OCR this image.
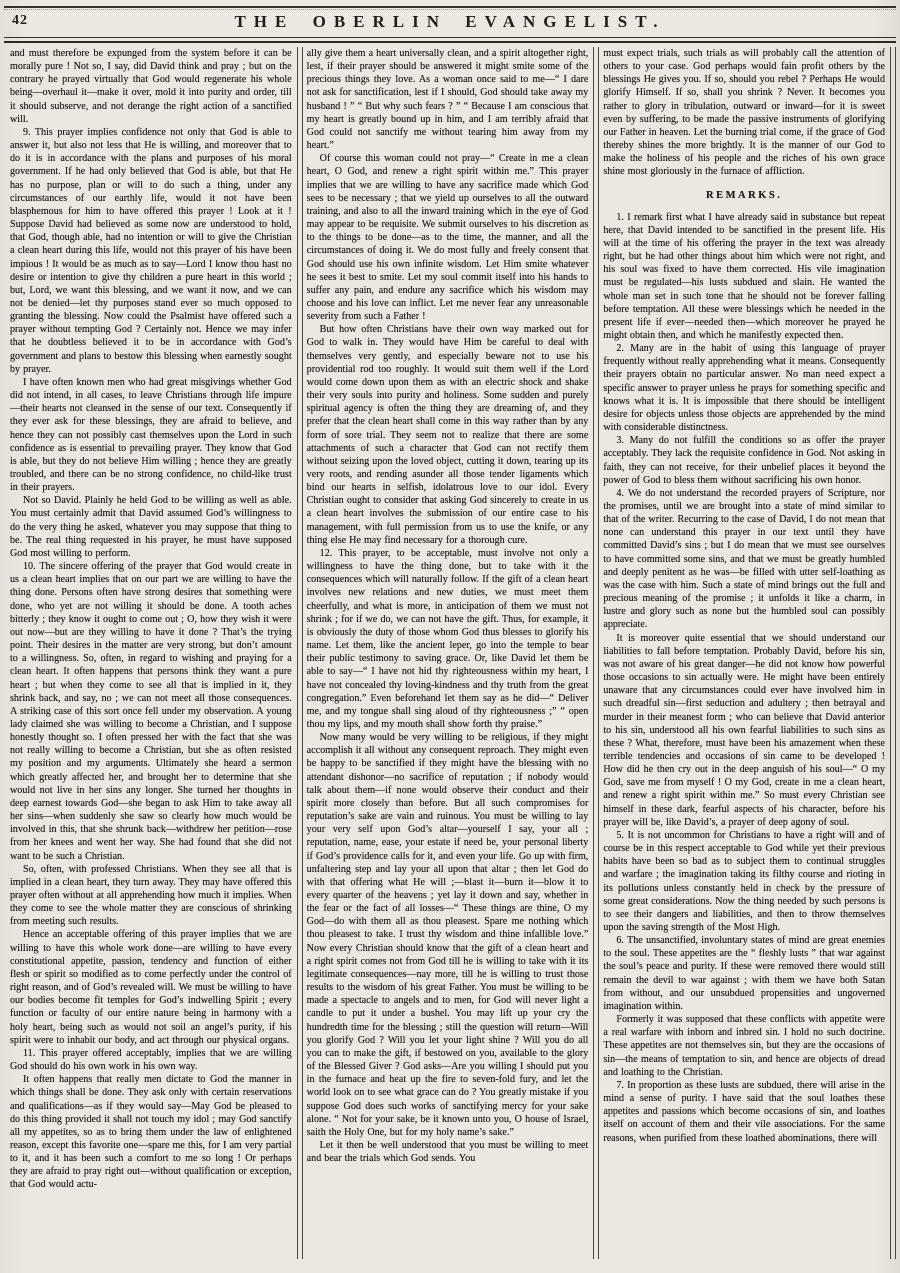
42	THE OBERLIN EVANGELIST.

and must therefore be expunged from the system before it can be morally pure ! Not so, I say, did David think and pray ; but on the contrary he prayed virtually that God would regenerate his whole being—overhaul it—make it over, mold it into purity and order, till it should subserve, and not derange the right action of a sanctified will.

9. This prayer implies confidence not only that God is able to answer it, but also not less that He is willing, and moreover that to do it is in accordance with the plans and purposes of his moral government. If he had only believed that God is able, but that He has no purpose, plan or will to do such a thing, under any circumstances of our earthly life, would it not have been blasphemous for him to have offered this prayer ! Look at it ! Suppose David had believed as some now are understood to hold, that God, though able, had no intention or will to give the Christian a clean heart during this life, would not this prayer of his have been impious ! It would be as much as to say—Lord I know thou hast no desire or intention to give thy children a pure heart in this world ; but, Lord, we want this blessing, and we want it now, and we can not be denied—let thy purposes stand ever so much opposed to granting the blessing. Now could the Psalmist have offered such a prayer without tempting God ? Certainly not. Hence we may infer that he doubtless believed it to be in accordance with God’s government and plans to bestow this blessing when earnestly sought by prayer.

I have often known men who had great misgivings whether God did not intend, in all cases, to leave Christians through life impure—their hearts not cleansed in the sense of our text. Consequently if they ever ask for these blessings, they are afraid to believe, and hence they can not possibly cast themselves upon the Lord in such confidence as is essential to prevailing prayer. They know that God is able, but they do not believe Him willing ; hence they are greatly troubled, and there can be no strong confidence, no child-like trust in their prayers.

Not so David. Plainly he held God to be willing as well as able. You must certainly admit that David assumed God’s willingness to do the very thing he asked, whatever you may suppose that thing to be. The real thing requested in his prayer, he must have supposed God most willing to perform.

10. The sincere offering of the prayer that God would create in us a clean heart implies that on our part we are willing to have the thing done. Persons often have strong desires that something were done, who yet are not willing it should be done. A tooth aches bitterly ; they know it ought to come out ; O, how they wish it were out now—but are they willing to have it done ? That’s the trying point. Their desires in the matter are very strong, but don’t amount to a willingness. So, often, in regard to wishing and praying for a clean heart. It often happens that persons think they want a pure heart ; but when they come to see all that is implied in it, they shrink back, and say, no ; we can not meet all those consequences. A striking case of this sort once fell under my observation. A young lady claimed she was willing to become a Christian, and I suppose honestly thought so. I often pressed her with the fact that she was not really willing to become a Christian, but she as often resisted my position and my arguments. Ultimately she heard a sermon which greatly affected her, and brought her to determine that she would not live in her sins any longer. She turned her thoughts in deep earnest towards God—she began to ask Him to take away all her sins—when suddenly she saw so clearly how much would be involved in this, that she shrunk back—withdrew her petition—rose from her knees and went her way. She had found that she did not want to be such a Christian.

So, often, with professed Christians. When they see all that is implied in a clean heart, they turn away. They may have offered this prayer often without at all apprehending how much it implies. When they come to see the whole matter they are conscious of shrinking from meeting such results.

Hence an acceptable offering of this prayer implies that we are willing to have this whole work done—are willing to have every constitutional appetite, passion, tendency and function of either flesh or spirit so modified as to come perfectly under the control of right reason, and of God’s revealed will. We must be willing to have our bodies become fit temples for God’s indwelling Spirit ; every function or faculty of our entire nature being in harmony with a holy heart, being such as would not soil an angel’s purity, if his spirit were to inhabit our body, and act through our physical organs.

11. This prayer offered acceptably, implies that we are willing God should do his own work in his own way.

It often happens that really men dictate to God the manner in which things shall be done. They ask only with certain reservations and qualifications—as if they would say—May God be pleased to do this thing provided it shall not touch my idol ; may God sanctify all my appetites, so as to bring them under the law of enlightened reason, except this favorite one—spare me this, for I am very partial to it, and it has been such a comfort to me so long ! Or perhaps they are afraid to pray right out—without qualification or exception, that God would actu-

ally give them a heart universally clean, and a spirit altogether right, lest, if their prayer should be answered it might smite some of the precious things they love. As a woman once said to me—“ I dare not ask for sanctification, lest if I should, God should take away my husband ! ” “ But why such fears ? ” “ Because I am conscious that my heart is greatly bound up in him, and I am terribly afraid that God could not sanctify me without tearing him away from my heart.”

Of course this woman could not pray—“ Create in me a clean heart, O God, and renew a right spirit within me.” This prayer implies that we are willing to have any sacrifice made which God sees to be necessary ; that we yield up ourselves to all the outward training, and also to all the inward training which in the eye of God may appear to be requisite. We submit ourselves to his discretion as to the things to be done—as to the time, the manner, and all the circumstances of doing it. We do most fully and freely consent that God should use his own infinite wisdom. Let Him smite whatever he sees it best to smite. Let my soul commit itself into his hands to suffer any pain, and endure any sacrifice which his wisdom may choose and his love can inflict. Let me never fear any unreasonable severity from such a Father !

But how often Christians have their own way marked out for God to walk in. They would have Him be careful to deal with themselves very gently, and especially beware not to use his providential rod too roughly. It would suit them well if the Lord would come down upon them as with an electric shock and shake their very souls into purity and holiness. Some sudden and purely spiritual agency is often the thing they are dreaming of, and they prefer that the clean heart shall come in this way rather than by any form of sore trial. They seem not to realize that there are some attachments of such a character that God can not rectify them without seizing upon the loved object, cutting it down, tearing up its very roots, and rending asunder all those tender ligaments which bind our hearts in selfish, idolatrous love to our idol. Every Christian ought to consider that asking God sincerely to create in us a clean heart involves the submission of our entire case to his management, with full permission from us to use the knife, or any thing else He may find necessary for a thorough cure.

12. This prayer, to be acceptable, must involve not only a willingness to have the thing done, but to take with it the consequences which will naturally follow. If the gift of a clean heart involves new relations and new duties, we must meet them cheerfully, and what is more, in anticipation of them we must not shrink ; for if we do, we can not have the gift. Thus, for example, it is obviously the duty of those whom God thus blesses to glorify his name. Let them, like the ancient leper, go into the temple to bear their public testimony to saving grace. Or, like David let them be able to say—“ I have not hid thy righteousness within my heart, I have not concealed thy loving-kindness and thy truth from the great congregation.” Even beforehand let them say as he did—“ Deliver me, and my tongue shall sing aloud of thy righteousness ;” “ open thou my lips, and my mouth shall show forth thy praise.”

Now many would be very willing to be religious, if they might accomplish it all without any consequent reproach. They might even be happy to be sanctified if they might have the blessing with no attendant dishonor—no sacrifice of reputation ; if nobody would talk about them—if none would observe their conduct and their spirit more closely than before. But all such compromises for reputation’s sake are vain and ruinous. You must be willing to lay your very self upon God’s altar—yourself I say, your all ; reputation, name, ease, your estate if need be, your personal liberty if God’s providence calls for it, and even your life. Go up with firm, unfaltering step and lay your all upon that altar ; then let God do with that offering what He will ;—blast it—burn it—blow it to every quarter of the heavens ; yet lay it down and say, whether in the fear or the fact of all losses—“ These things are thine, O my God—do with them all as thou pleasest. Spare me nothing which thou pleasest to take. I trust thy wisdom and thine infallible love.” Now every Christian should know that the gift of a clean heart and a right spirit comes not from God till he is willing to take with it its legitimate consequences—nay more, till he is willing to trust those results to the wisdom of his great Father. You must be willing to be made a spectacle to angels and to men, for God will never light a candle to put it under a bushel. You may lift up your cry the hundredth time for the blessing ; still the question will return—Will you glorify God ? Will you let your light shine ? Will you do all you can to make the gift, if bestowed on you, available to the glory of the Blessed Giver ? God asks—Are you willing I should put you in the furnace and heat up the fire to seven-fold fury, and let the world look on to see what grace can do ? You greatly mistake if you suppose God does such works of sanctifying mercy for your sake alone. “ Not for your sake, be it known unto you, O house of Israel, saith the Holy One, but for my holy name’s sake.”

Let it then be well understood that you must be willing to meet and bear the trials which God sends. You

must expect trials, such trials as will probably call the attention of others to your case. God perhaps would fain profit others by the blessings He gives you. If so, should you rebel ? Perhaps He would glorify Himself. If so, shall you shrink ? Never. It becomes you rather to glory in tribulation, outward or inward—for it is sweet even by suffering, to be made the passive instruments of glorifying our Father in heaven. Let the burning trial come, if the grace of God thereby shines the more brightly. It is the manner of our God to make the holiness of his people and the riches of his own grace shine most gloriously in the furnace of affliction.

REMARKS.

1. I remark first what I have already said in substance but repeat here, that David intended to be sanctified in the present life. His will at the time of his offering the prayer in the text was already right, but he had other things about him which were not right, and his soul was fixed to have them corrected. His vile imagination must be regulated—his lusts subdued and slain. He wanted the whole man set in such tone that he should not be forever falling before temptation. All these were blessings which he needed in the present life if ever—needed then—which moreover he prayed he might obtain then, and which he manifestly expected then.

2. Many are in the habit of using this language of prayer frequently without really apprehending what it means. Consequently their prayers obtain no particular answer. No man need expect a specific answer to prayer unless he prays for something specific and knows what it is. It is impossible that there should be intelligent desire for objects unless those objects are apprehended by the mind with considerable distinctness.

3. Many do not fulfill the conditions so as offer the prayer acceptably. They lack the requisite confidence in God. Not asking in faith, they can not receive, for their unbelief places it beyond the power of God to bless them without sacrificing his own honor.

4. We do not understand the recorded prayers of Scripture, nor the promises, until we are brought into a state of mind similar to that of the writer. Recurring to the case of David, I do not mean that none can understand this prayer in our text until they have committed David’s sins ; but I do mean that we must see ourselves to have committed some sins, and that we must be greatly humbled and deeply penitent as he was—be filled with utter self-loathing as was the case with him. Such a state of mind brings out the full and precious meaning of the promise ; it unfolds it like a charm, in lustre and glory such as none but the humbled soul can possibly appreciate.

It is moreover quite essential that we should understand our liabilities to fall before temptation. Probably David, before his sin, was not aware of his great danger—he did not know how powerful those occasions to sin actually were. He might have been entirely unaware that any circumstances could ever have involved him in such dreadful sin—first seduction and adultery ; then betrayal and murder in their meanest form ; who can believe that David anterior to his sin, understood all his own fearful liabilities to such sins as these ? What, therefore, must have been his amazement when these terrible tendencies and occasions of sin came to be developed ! How did he then cry out in the deep anguish of his soul—“ O my God, save me from myself ! O my God, create in me a clean heart, and renew a right spirit within me.” So must every Christian see himself in these dark, fearful aspects of his character, before his prayer will be, like David’s, a prayer of deep agony of soul.

5. It is not uncommon for Christians to have a right will and of course be in this respect acceptable to God while yet their previous habits have been so bad as to subject them to continual struggles and warfare ; the imagination taking its filthy course and rioting in its pollutions unless constantly held in check by the pressure of some great considerations. Now the thing needed by such persons is to see their dangers and liabilities, and then to throw themselves upon the saving strength of the Most High.

6. The unsanctified, involuntary states of mind are great enemies to the soul. These appetites are the “ fleshly lusts ” that war against the soul’s peace and purity. If these were removed there would still remain the devil to war against ; with them we have both Satan from without, and our unsubdued propensities and ungoverned imagination within.

Formerly it was supposed that these conflicts with appetite were a real warfare with inborn and inbred sin. I hold no such doctrine. These appetites are not themselves sin, but they are the occasions of sin—the means of temptation to sin, and hence are objects of dread and loathing to the Christian.

7. In proportion as these lusts are subdued, there will arise in the mind a sense of purity. I have said that the soul loathes these appetites and passions which become occasions of sin, and loathes itself on account of them and their vile associations. For the same reasons, when purified from these loathed abominations, there will
